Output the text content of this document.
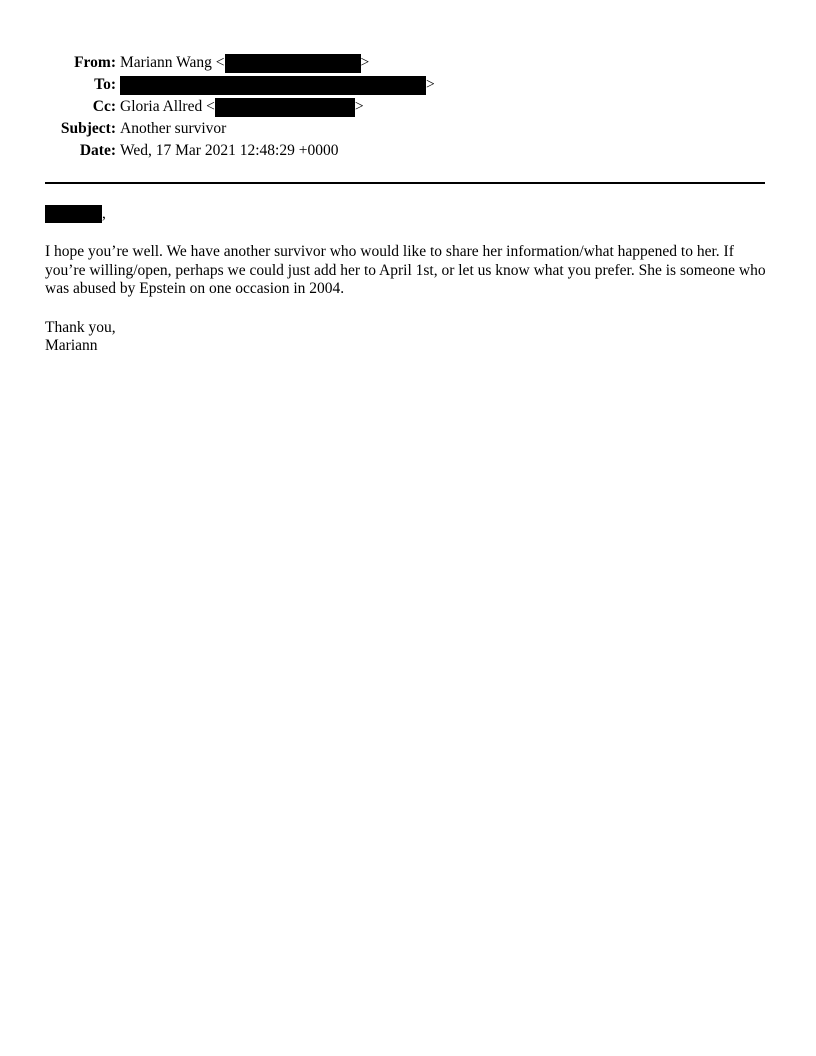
From: Mariann Wang
<	>
To:	>
Cc: Gloria Allred
<	>
Subject: Another survivor
Date: Wed, 17 Mar 2021 12:48:29 +0000
,
I hope you’re well. We have another survivor who would like to share her information/what happened to her. If you’re willing/open, perhaps we could just add her to April 1st, or let us know what you prefer. She is someone who was abused by Epstein on one occasion in 2004.
Thank you,
Mariann
